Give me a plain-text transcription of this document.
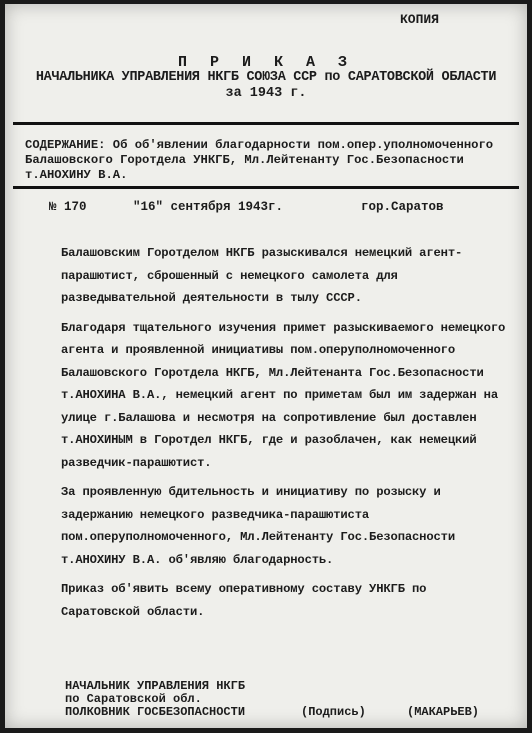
КОПИЯ
П Р И К А З
НАЧАЛЬНИКА УПРАВЛЕНИЯ НКГБ СОЮЗА ССР по САРАТОВСКОЙ ОБЛАСТИ
за 1943 г.
СОДЕРЖАНИЕ: Об об'явлении благодарности пом.опер.уполномоченного Балашовского Горотдела УНКГБ, Мл.Лейтенанту Гос.Безопасности т.АНОХИНУ В.А.
№ 170	"16" сентября 1943г.	гор.Саратов

Балашовским Горотделом НКГБ разыскивался немецкий агент-парашютист, сброшенный с немецкого самолета для разведывательной деятельности в тылу СССР.

Благодаря тщательного изучения примет разыскиваемого немецкого агента и проявленной инициативы пом.оперуполномоченного Балашовского Горотдела НКГБ, Мл.Лейтенанта Гос.Безопасности т.АНОХИНА В.А., немецкий агент по приметам был им задержан на улице г.Балашова и несмотря на сопротивление был доставлен т.АНОХИНЫМ в Горотдел НКГБ, где и разоблачен, как немецкий разведчик-парашютист.

За проявленную бдительность и инициативу по розыску и задержанию немецкого разведчика-парашютиста пом.оперуполномоченного, Мл.Лейтенанту Гос.Безопасности т.АНОХИНУ В.А. об'являю благодарность.

Приказ об'явить всему оперативному составу УНКГБ по Саратовской области.

НАЧАЛЬНИК УПРАВЛЕНИЯ НКГБ
по Саратовской обл.
ПОЛКОВНИК ГОСБЕЗОПАСНОСТИ	(Подпись)	(МАКАРЬЕВ)
